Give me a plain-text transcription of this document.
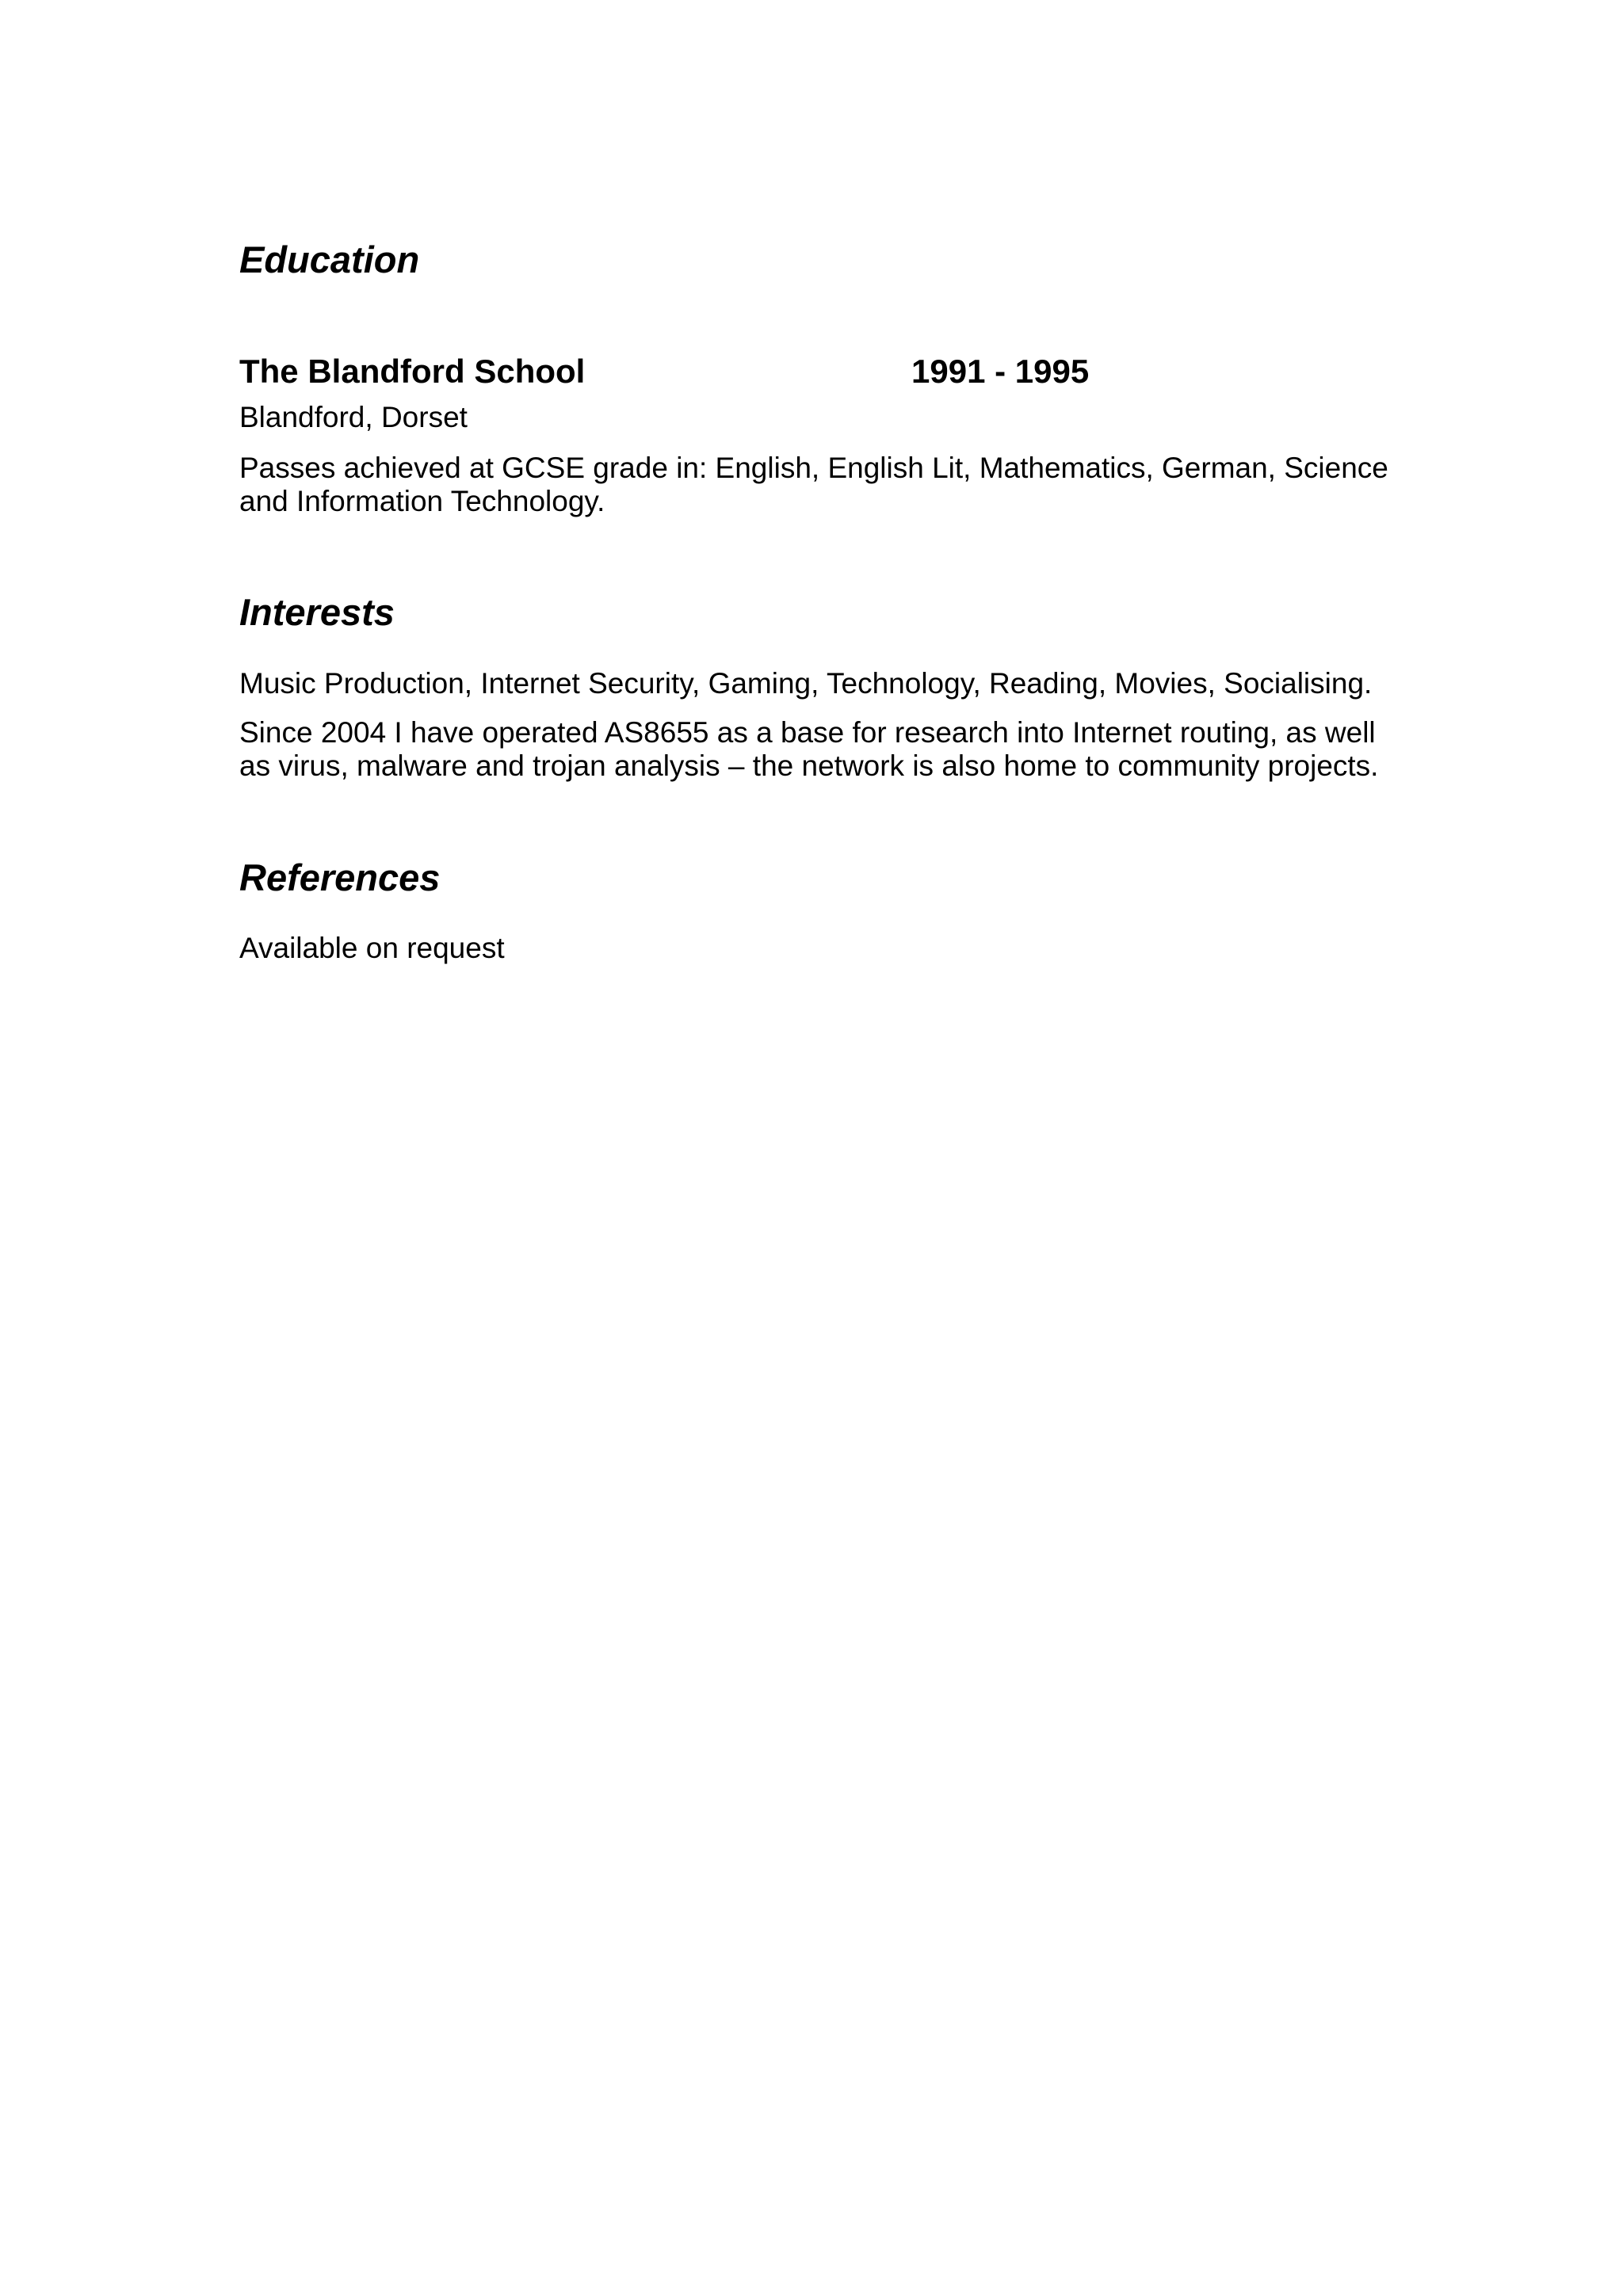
Education
The Blandford School	1991 - 1995

Blandford, Dorset

Passes achieved at GCSE grade in: English, English Lit, Mathematics, German, Science

and Information Technology.

Interests

Music Production, Internet Security, Gaming, Technology, Reading, Movies, Socialising.

Since 2004 I have operated AS8655 as a base for research into Internet routing, as well

as virus, malware and trojan analysis – the network is also home to community projects.

References

Available on request
